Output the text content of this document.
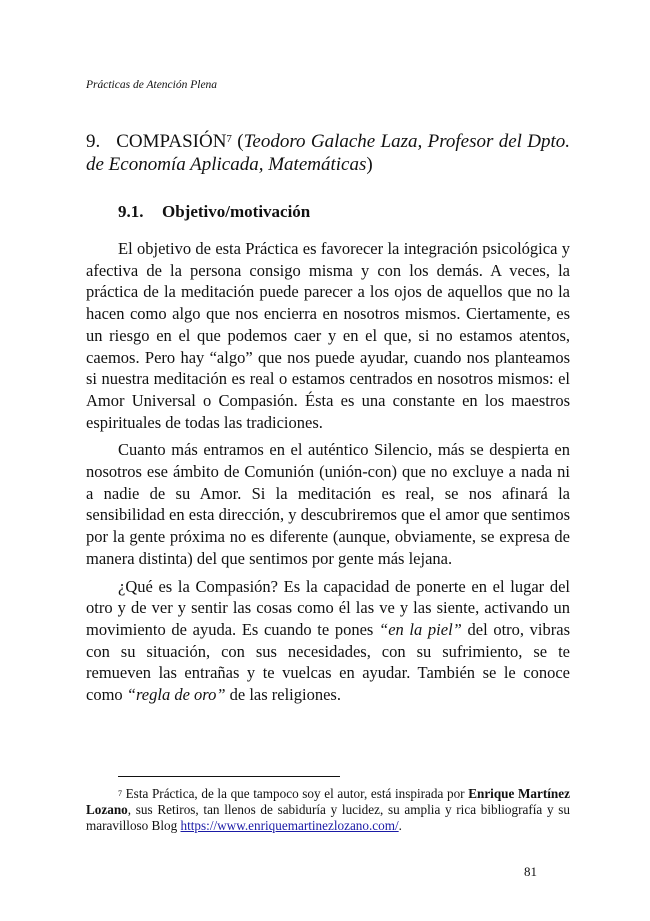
Prácticas de Atención Plena
9. COMPASIÓN$^7$ (Teodoro Galache Laza, Profesor del Dpto. de Economía Aplicada, Matemáticas)
9.1. Objetivo/motivación

El objetivo de esta Práctica es favorecer la integración psicológica y afectiva de la persona consigo misma y con los demás. A veces, la práctica de la meditación puede parecer a los ojos de aquellos que no la hacen como algo que nos encierra en nosotros mismos. Ciertamente, es un riesgo en el que podemos caer y en el que, si no estamos atentos, caemos. Pero hay “algo” que nos puede ayudar, cuando nos planteamos si nuestra meditación es real o estamos centrados en nosotros mismos: el Amor Universal o Compasión. Ésta es una constante en los maestros espirituales de todas las tradiciones.

Cuanto más entramos en el auténtico Silencio, más se despierta en nosotros ese ámbito de Comunión (unión-con) que no excluye a nada ni a nadie de su Amor. Si la meditación es real, se nos afinará la sensibilidad en esta dirección, y descubriremos que el amor que sentimos por la gente próxima no es diferente (aunque, obviamente, se expresa de manera distinta) del que sentimos por gente más lejana.

¿Qué es la Compasión? Es la capacidad de ponerte en el lugar del otro y de ver y sentir las cosas como él las ve y las siente, activando un movimiento de ayuda. Es cuando te pones “en la piel” del otro, vibras con su situación, con sus necesidades, con su sufrimiento, se te remueven las entrañas y te vuelcas en ayudar. También se le conoce como “regla de oro” de las religiones.

$^7$ Esta Práctica, de la que tampoco soy el autor, está inspirada por Enrique Martínez Lozano, sus Retiros, tan llenos de sabiduría y lucidez, su amplia y rica bibliografía y su maravilloso Blog https://www.enriquemartinezlozano.com/.

81
